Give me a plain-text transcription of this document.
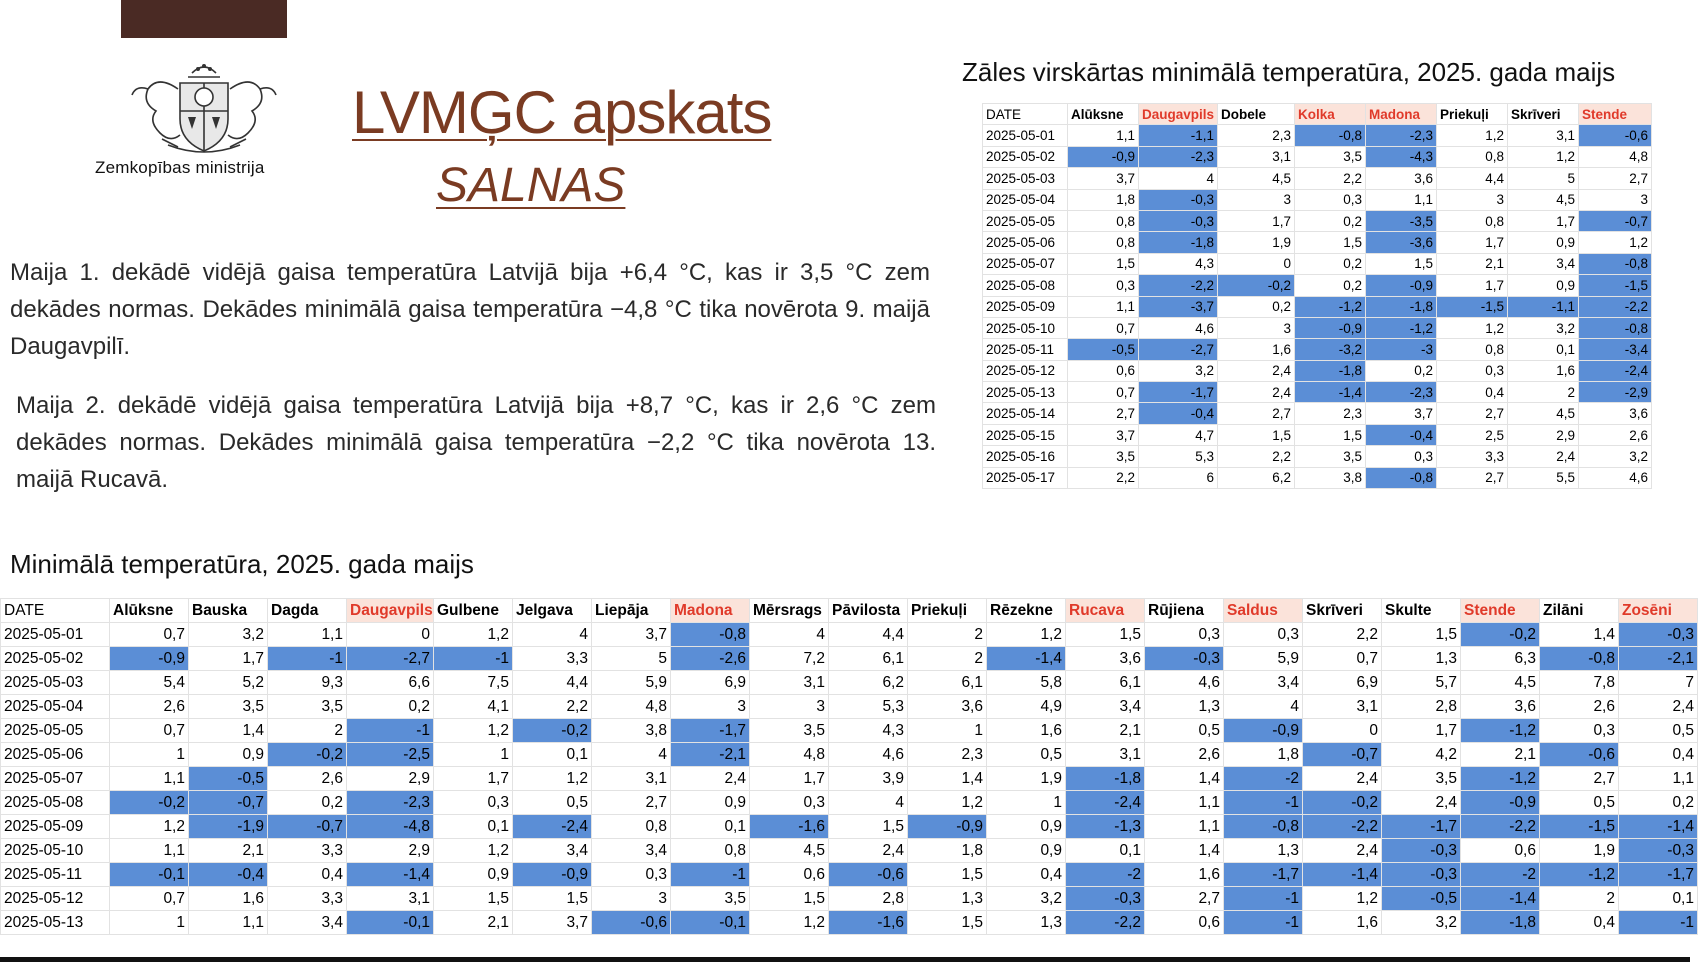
Zemkopības ministrija
LVMĢC apskats
SALNAS
Maija 1. dekādē vidējā gaisa temperatūra Latvijā bija +6,4 °C, kas ir 3,5 °C zem dekādes normas. Dekādes minimālā gaisa temperatūra −4,8 °C tika novērota 9. maijā Daugavpilī.
Maija 2. dekādē vidējā gaisa temperatūra Latvijā bija +8,7 °C, kas ir 2,6 °C zem dekādes normas. Dekādes minimālā gaisa temperatūra −2,2 °C tika novērota 13. maijā Rucavā.
Zāles virskārtas minimālā temperatūra, 2025. gada maijs
DATE	Alūksne	Daugavpils	Dobele	Kolka	Madona	Priekuļi	Skrīveri	Stende
2025-05-01	1,1	-1,1	2,3	-0,8	-2,3	1,2	3,1	-0,6
2025-05-02	-0,9	-2,3	3,1	3,5	-4,3	0,8	1,2	4,8
2025-05-03	3,7	4	4,5	2,2	3,6	4,4	5	2,7
2025-05-04	1,8	-0,3	3	0,3	1,1	3	4,5	3
2025-05-05	0,8	-0,3	1,7	0,2	-3,5	0,8	1,7	-0,7
2025-05-06	0,8	-1,8	1,9	1,5	-3,6	1,7	0,9	1,2
2025-05-07	1,5	4,3	0	0,2	1,5	2,1	3,4	-0,8
2025-05-08	0,3	-2,2	-0,2	0,2	-0,9	1,7	0,9	-1,5
2025-05-09	1,1	-3,7	0,2	-1,2	-1,8	-1,5	-1,1	-2,2
2025-05-10	0,7	4,6	3	-0,9	-1,2	1,2	3,2	-0,8
2025-05-11	-0,5	-2,7	1,6	-3,2	-3	0,8	0,1	-3,4
2025-05-12	0,6	3,2	2,4	-1,8	0,2	0,3	1,6	-2,4
2025-05-13	0,7	-1,7	2,4	-1,4	-2,3	0,4	2	-2,9
2025-05-14	2,7	-0,4	2,7	2,3	3,7	2,7	4,5	3,6
2025-05-15	3,7	4,7	1,5	1,5	-0,4	2,5	2,9	2,6
2025-05-16	3,5	5,3	2,2	3,5	0,3	3,3	2,4	3,2
2025-05-17	2,2	6	6,2	3,8	-0,8	2,7	5,5	4,6
Minimālā temperatūra, 2025. gada maijs
DATE	Alūksne	Bauska	Dagda	Daugavpils	Gulbene	Jelgava	Liepāja	Madona	Mērsrags	Pāvilosta	Priekuļi	Rēzekne	Rucava	Rūjiena	Saldus	Skrīveri	Skulte	Stende	Zilāni	Zosēni
2025-05-01	0,7	3,2	1,1	0	1,2	4	3,7	-0,8	4	4,4	2	1,2	1,5	0,3	0,3	2,2	1,5	-0,2	1,4	-0,3
2025-05-02	-0,9	1,7	-1	-2,7	-1	3,3	5	-2,6	7,2	6,1	2	-1,4	3,6	-0,3	5,9	0,7	1,3	6,3	-0,8	-2,1
2025-05-03	5,4	5,2	9,3	6,6	7,5	4,4	5,9	6,9	3,1	6,2	6,1	5,8	6,1	4,6	3,4	6,9	5,7	4,5	7,8	7
2025-05-04	2,6	3,5	3,5	0,2	4,1	2,2	4,8	3	3	5,3	3,6	4,9	3,4	1,3	4	3,1	2,8	3,6	2,6	2,4
2025-05-05	0,7	1,4	2	-1	1,2	-0,2	3,8	-1,7	3,5	4,3	1	1,6	2,1	0,5	-0,9	0	1,7	-1,2	0,3	0,5
2025-05-06	1	0,9	-0,2	-2,5	1	0,1	4	-2,1	4,8	4,6	2,3	0,5	3,1	2,6	1,8	-0,7	4,2	2,1	-0,6	0,4
2025-05-07	1,1	-0,5	2,6	2,9	1,7	1,2	3,1	2,4	1,7	3,9	1,4	1,9	-1,8	1,4	-2	2,4	3,5	-1,2	2,7	1,1
2025-05-08	-0,2	-0,7	0,2	-2,3	0,3	0,5	2,7	0,9	0,3	4	1,2	1	-2,4	1,1	-1	-0,2	2,4	-0,9	0,5	0,2
2025-05-09	1,2	-1,9	-0,7	-4,8	0,1	-2,4	0,8	0,1	-1,6	1,5	-0,9	0,9	-1,3	1,1	-0,8	-2,2	-1,7	-2,2	-1,5	-1,4
2025-05-10	1,1	2,1	3,3	2,9	1,2	3,4	3,4	0,8	4,5	2,4	1,8	0,9	0,1	1,4	1,3	2,4	-0,3	0,6	1,9	-0,3
2025-05-11	-0,1	-0,4	0,4	-1,4	0,9	-0,9	0,3	-1	0,6	-0,6	1,5	0,4	-2	1,6	-1,7	-1,4	-0,3	-2	-1,2	-1,7
2025-05-12	0,7	1,6	3,3	3,1	1,5	1,5	3	3,5	1,5	2,8	1,3	3,2	-0,3	2,7	-1	1,2	-0,5	-1,4	2	0,1
2025-05-13	1	1,1	3,4	-0,1	2,1	3,7	-0,6	-0,1	1,2	-1,6	1,5	1,3	-2,2	0,6	-1	1,6	3,2	-1,8	0,4	-1
